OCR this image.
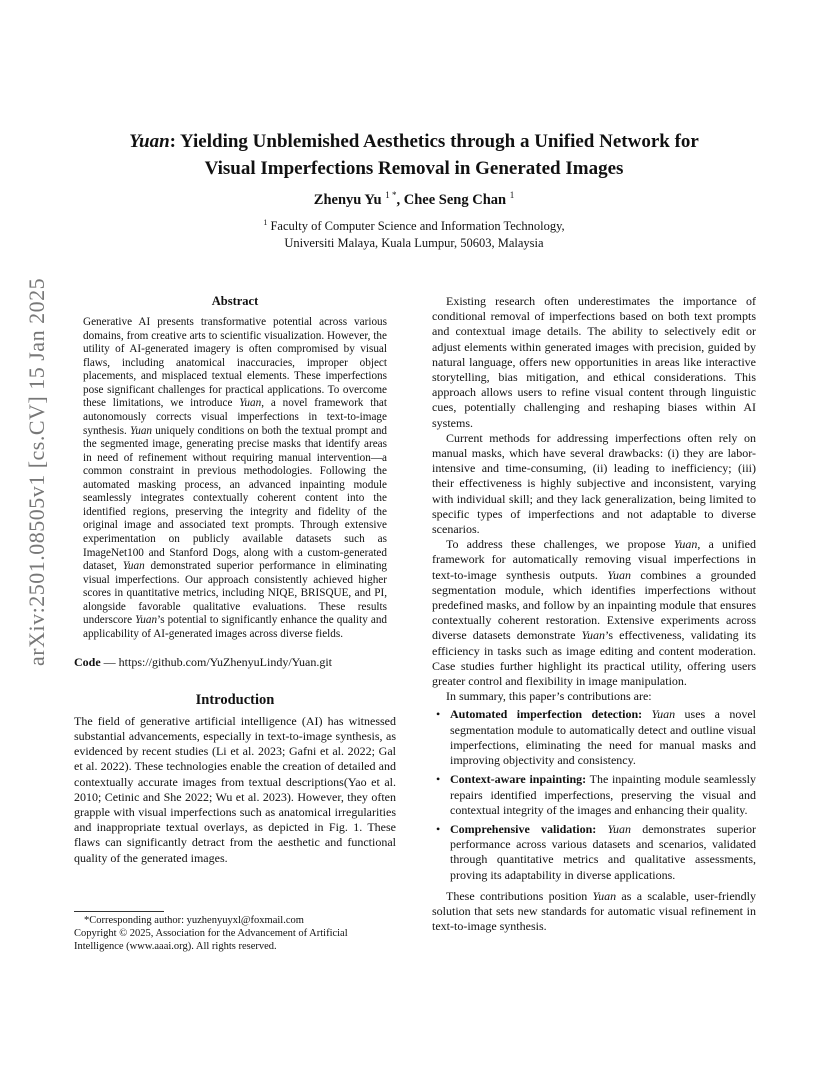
Yuan: Yielding Unblemished Aesthetics through a Unified Network for
Visual Imperfections Removal in Generated Images
Zhenyu Yu $^{1 *}$, Chee Seng Chan $^1$
$^1$ Faculty of Computer Science and Information Technology,
Universiti Malaya, Kuala Lumpur, 50603, Malaysia
arXiv:2501.08505v1 [cs.CV] 15 Jan 2025	Abstract

Generative AI presents transformative potential across various domains, from creative arts to scientific visualization. However, the utility of AI-generated imagery is often compromised by visual flaws, including anatomical inaccuracies, improper object placements, and misplaced textual elements. These imperfections pose significant challenges for practical applications. To overcome these limitations, we introduce Yuan, a novel framework that autonomously corrects visual imperfections in text-to-image synthesis. Yuan uniquely conditions on both the textual prompt and the segmented image, generating precise masks that identify areas in need of refinement without requiring manual intervention—a common constraint in previous methodologies. Following the automated masking process, an advanced inpainting module seamlessly integrates contextually coherent content into the identified regions, preserving the integrity and fidelity of the original image and associated text prompts. Through extensive experimentation on publicly available datasets such as ImageNet100 and Stanford Dogs, along with a custom-generated dataset, Yuan demonstrated superior performance in eliminating visual imperfections. Our approach consistently achieved higher scores in quantitative metrics, including NIQE, BRISQUE, and PI, alongside favorable qualitative evaluations. These results underscore Yuan’s potential to significantly enhance the quality and applicability of AI-generated images across diverse fields.

Code — https://github.com/YuZhenyuLindy/Yuan.git
Introduction

The field of generative artificial intelligence (AI) has witnessed substantial advancements, especially in text-to-image synthesis, as evidenced by recent studies (Li et al. 2023; Gafni et al. 2022; Gal et al. 2022). These technologies enable the creation of detailed and contextually accurate images from textual descriptions(Yao et al. 2010; Cetinic and She 2022; Wu et al. 2023). However, they often grapple with visual imperfections such as anatomical irregularities and inappropriate textual overlays, as depicted in Fig. 1. These flaws can significantly detract from the aesthetic and functional quality of the generated images.

*Corresponding author: yuzhenyuyxl@foxmail.com
Copyright © 2025, Association for the Advancement of Artificial Intelligence (www.aaai.org). All rights reserved.

Existing research often underestimates the importance of conditional removal of imperfections based on both text prompts and contextual image details. The ability to selectively edit or adjust elements within generated images with precision, guided by natural language, offers new opportunities in areas like interactive storytelling, bias mitigation, and ethical considerations. This approach allows users to refine visual content through linguistic cues, potentially challenging and reshaping biases within AI systems.

Current methods for addressing imperfections often rely on manual masks, which have several drawbacks: (i) they are labor-intensive and time-consuming, (ii) leading to inefficiency; (iii) their effectiveness is highly subjective and inconsistent, varying with individual skill; and they lack generalization, being limited to specific types of imperfections and not adaptable to diverse scenarios.

To address these challenges, we propose Yuan, a unified framework for automatically removing visual imperfections in text-to-image synthesis outputs. Yuan combines a grounded segmentation module, which identifies imperfections without predefined masks, and follow by an inpainting module that ensures contextually coherent restoration. Extensive experiments across diverse datasets demonstrate Yuan’s effectiveness, validating its efficiency in tasks such as image editing and content moderation. Case studies further highlight its practical utility, offering users greater control and flexibility in image manipulation.

In summary, this paper’s contributions are:

• Automated imperfection detection: Yuan uses a novel segmentation module to automatically detect and outline visual imperfections, eliminating the need for manual masks and improving objectivity and consistency.
• Context-aware inpainting: The inpainting module seamlessly repairs identified imperfections, preserving the visual and contextual integrity of the images and enhancing their quality.
• Comprehensive validation: Yuan demonstrates superior performance across various datasets and scenarios, validated through quantitative metrics and qualitative assessments, proving its adaptability in diverse applications.

These contributions position Yuan as a scalable, user-friendly solution that sets new standards for automatic visual refinement in text-to-image synthesis.
